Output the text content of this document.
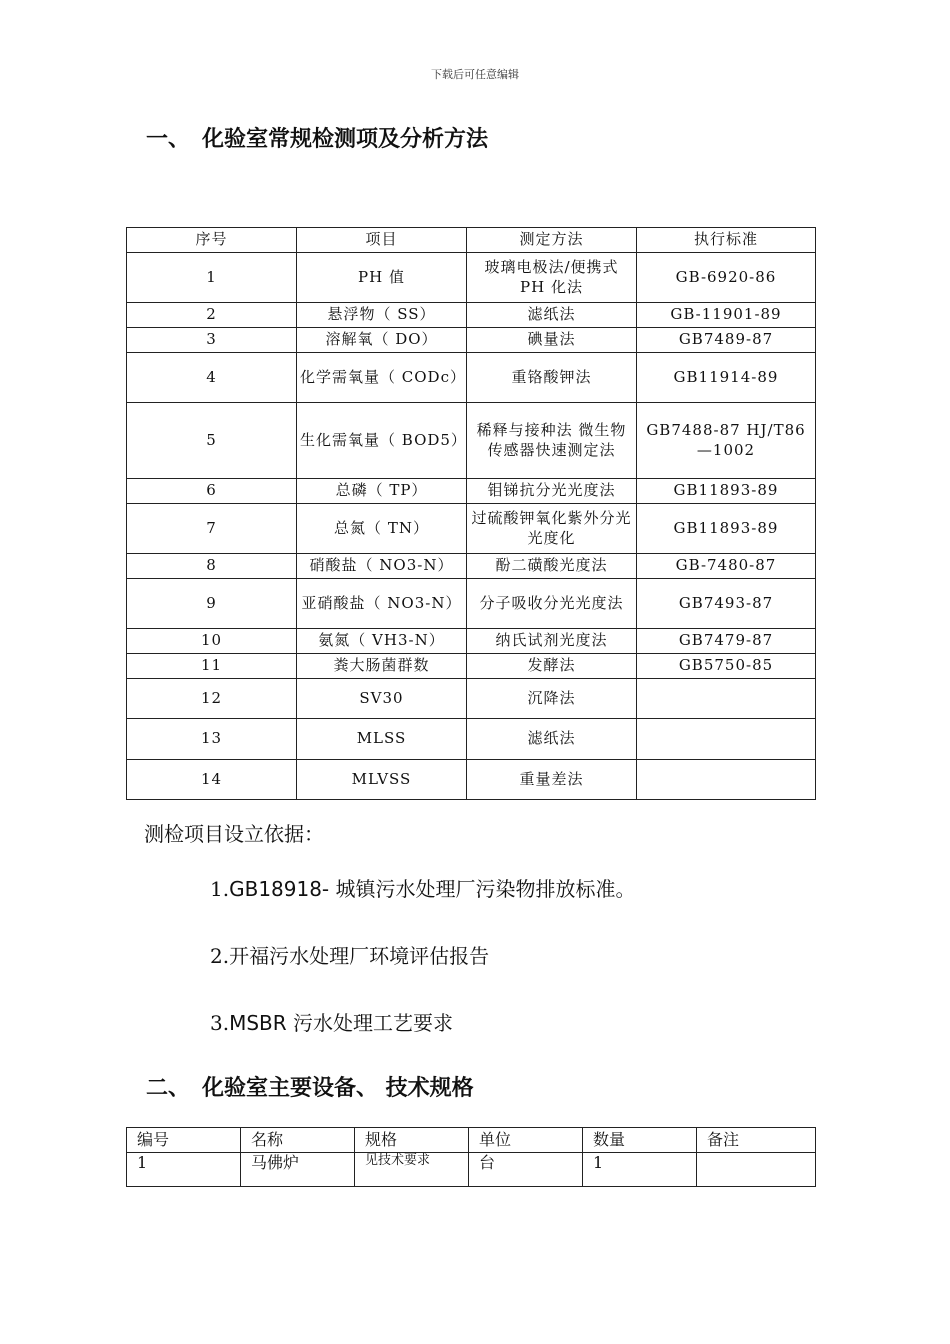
下载后可任意编辑
一、 化验室常规检测项及分析方法
序号	项目	测定方法	执行标准
1	PH 值	玻璃电极法/便携式 PH 化法	GB-6920-86
2	悬浮物（ SS）	滤纸法	GB-11901-89
3	溶解氧（ DO）	碘量法	GB7489-87
4	化学需氧量（ CODc）	重铬酸钾法	GB11914-89
5	生化需氧量（ BOD5）	稀释与接种法 微生物传感器快速测定法	GB7488-87 HJ/T86—1002
6	总磷（ TP）	钼锑抗分光光度法	GB11893-89
7	总氮（ TN）	过硫酸钾氧化紫外分光光度化	GB11893-89
8	硝酸盐（ NO3-N）	酚二磺酸光度法	GB-7480-87
9	亚硝酸盐（ NO3-N）	分子吸收分光光度法	GB7493-87
10	氨氮（ VH3-N）	纳氏试剂光度法	GB7479-87
11	粪大肠菌群数	发酵法	GB5750-85
12	SV30	沉降法	
13	MLSS	滤纸法	
14	MLVSS	重量差法	
测检项目设立依据：
1.GB18918- 城镇污水处理厂污染物排放标准。
2.开福污水处理厂环境评估报告
3.MSBR 污水处理工艺要求
二、 化验室主要设备、 技术规格
编号	名称	规格	单位	数量	备注
1	马佛炉	见技术要求	台	1	
